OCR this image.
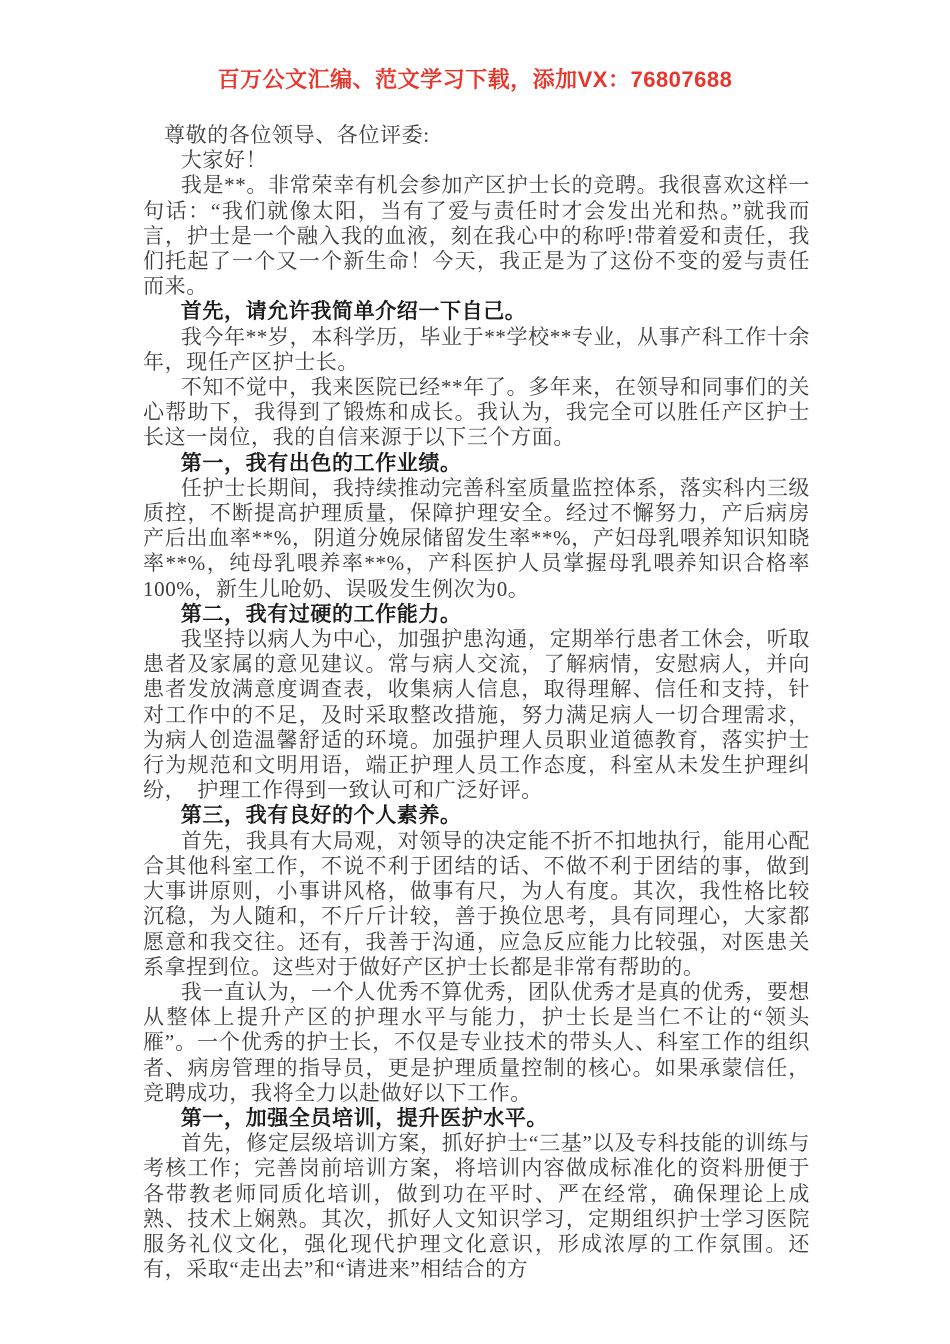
百万公文汇编、范文学习下载，添加VX：76807688

尊敬的各位领导、各位评委:

大家好！

我是**。非常荣幸有机会参加产区护士长的竞聘。我很喜欢这样一句话：“我们就像太阳，当有了爱与责任时才会发出光和热。”就我而言，护士是一个融入我的血液，刻在我心中的称呼!带着爱和责任，我们托起了一个又一个新生命！今天，我正是为了这份不变的爱与责任而来。

首先，请允许我简单介绍一下自己。

我今年**岁，本科学历，毕业于**学校**专业，从事产科工作十余年，现任产区护士长。

不知不觉中，我来医院已经**年了。多年来，在领导和同事们的关心帮助下，我得到了锻炼和成长。我认为，我完全可以胜任产区护士长这一岗位，我的自信来源于以下三个方面。

第一，我有出色的工作业绩。

任护士长期间，我持续推动完善科室质量监控体系，落实科内三级质控，不断提高护理质量，保障护理安全。经过不懈努力，产后病房产后出血率**%，阴道分娩尿储留发生率**%，产妇母乳喂养知识知晓率**%，纯母乳喂养率**%，产科医护人员掌握母乳喂养知识合格率100%，新生儿呛奶、误吸发生例次为0。

第二，我有过硬的工作能力。

我坚持以病人为中心，加强护患沟通，定期举行患者工休会，听取患者及家属的意见建议。常与病人交流，了解病情，安慰病人，并向患者发放满意度调查表，收集病人信息，取得理解、信任和支持，针对工作中的不足，及时采取整改措施，努力满足病人一切合理需求，为病人创造温馨舒适的环境。加强护理人员职业道德教育，落实护士行为规范和文明用语，端正护理人员工作态度，科室从未发生护理纠纷，　护理工作得到一致认可和广泛好评。

第三，我有良好的个人素养。

首先，我具有大局观，对领导的决定能不折不扣地执行，能用心配合其他科室工作，不说不利于团结的话、不做不利于团结的事，做到大事讲原则，小事讲风格，做事有尺，为人有度。其次，我性格比较沉稳，为人随和，不斤斤计较，善于换位思考，具有同理心，大家都愿意和我交往。还有，我善于沟通，应急反应能力比较强，对医患关系拿捏到位。这些对于做好产区护士长都是非常有帮助的。

我一直认为，一个人优秀不算优秀，团队优秀才是真的优秀，要想从整体上提升产区的护理水平与能力，护士长是当仁不让的“领头雁”。一个优秀的护士长，不仅是专业技术的带头人、科室工作的组织者、病房管理的指导员，更是护理质量控制的核心。如果承蒙信任，竞聘成功，我将全力以赴做好以下工作。

第一，加强全员培训，提升医护水平。

首先，修定层级培训方案，抓好护士“三基”以及专科技能的训练与考核工作；完善岗前培训方案，将培训内容做成标准化的资料册便于各带教老师同质化培训，做到功在平时、严在经常，确保理论上成熟、技术上娴熟。其次，抓好人文知识学习，定期组织护士学习医院服务礼仪文化，强化现代护理文化意识，形成浓厚的工作氛围。还有，采取“走出去”和“请进来”相结合的方
